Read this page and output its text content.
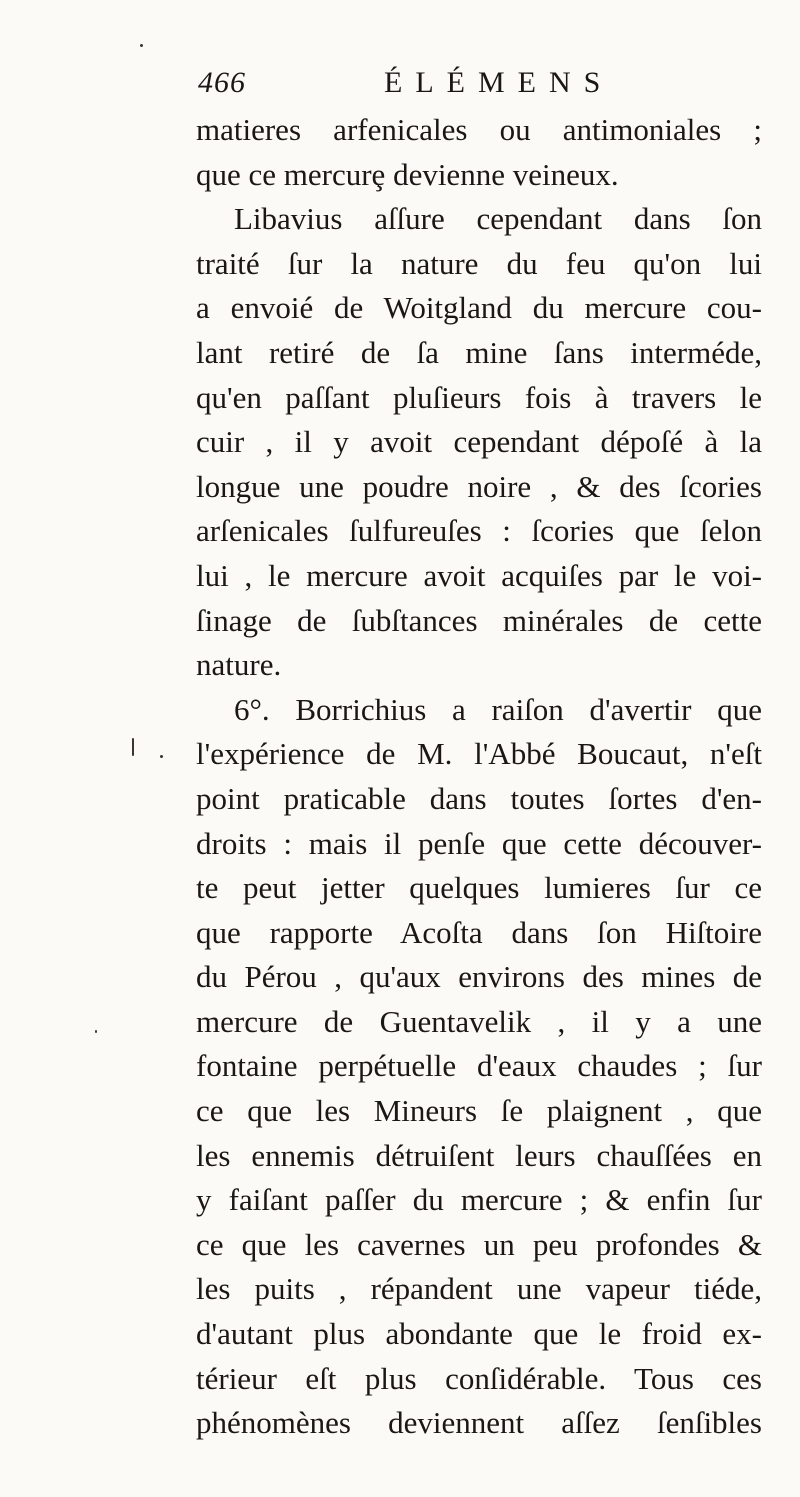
466	ÉLÉMENS
matieres arfenicales ou antimoniales ;
que ce mercurȩ devienne veineux.
Libavius aſſure cependant dans ſon
traité ſur la nature du feu qu'on lui
a envoié de Woitgland du mercure cou-
lant retiré de ſa mine ſans interméde,
qu'en paſſant pluſieurs fois à travers le
cuir , il y avoit cependant dépoſé à la
longue une poudre noire , & des ſcories
arſenicales ſulfureuſes : ſcories que ſelon
lui , le mercure avoit acquiſes par le voi-
ſinage de ſubſtances minérales de cette
nature.
6°. Borrichius a raiſon d'avertir que
l'expérience de M. l'Abbé Boucaut, n'eſt
point praticable dans toutes ſortes d'en-
droits : mais il penſe que cette découver-
te peut jetter quelques lumieres ſur ce
que rapporte Acoſta dans ſon Hiſtoire
du Pérou , qu'aux environs des mines de
mercure de Guentavelik , il y a une
fontaine perpétuelle d'eaux chaudes ; ſur
ce que les Mineurs ſe plaignent , que
les ennemis détruiſent leurs chauſſées en
y faiſant paſſer du mercure ; & enfin ſur
ce que les cavernes un peu profondes &
les puits , répandent une vapeur tiéde,
d'autant plus abondante que le froid ex-
térieur eſt plus conſidérable. Tous ces
phénomènes deviennent aſſez ſenſibles
